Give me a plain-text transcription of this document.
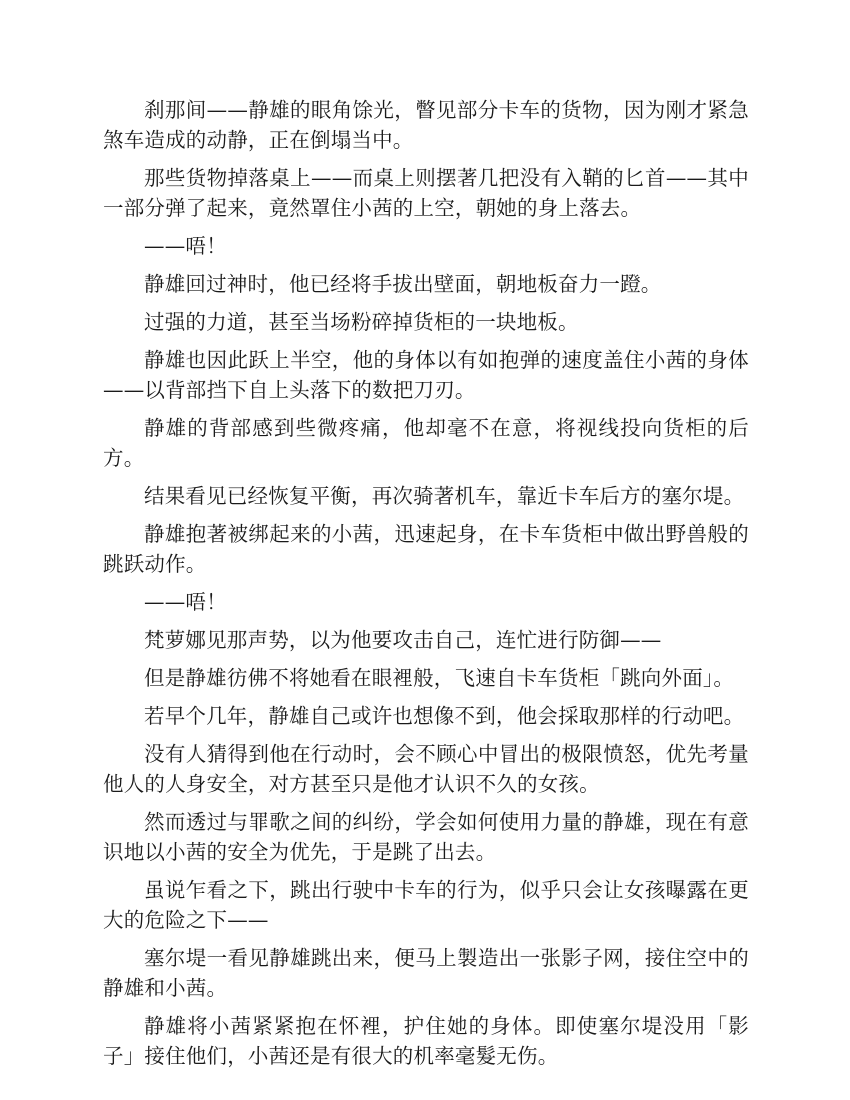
刹那间——静雄的眼角馀光，瞥见部分卡车的货物，因为刚才紧急煞车造成的动静，正在倒塌当中。

那些货物掉落桌上——而桌上则摆著几把没有入鞘的匕首——其中一部分弹了起来，竟然罩住小茜的上空，朝她的身上落去。

——唔！

静雄回过神时，他已经将手拔出壁面，朝地板奋力一蹬。

过强的力道，甚至当场粉碎掉货柜的一块地板。

静雄也因此跃上半空，他的身体以有如抱弹的速度盖住小茜的身体——以背部挡下自上头落下的数把刀刃。

静雄的背部感到些微疼痛，他却毫不在意，将视线投向货柜的后方。

结果看见已经恢复平衡，再次骑著机车，靠近卡车后方的塞尔堤。

静雄抱著被绑起来的小茜，迅速起身，在卡车货柜中做出野兽般的跳跃动作。

——唔！

梵萝娜见那声势，以为他要攻击自己，连忙进行防御——

但是静雄彷佛不将她看在眼裡般，飞速自卡车货柜「跳向外面」。

若早个几年，静雄自己或许也想像不到，他会採取那样的行动吧。

没有人猜得到他在行动时，会不顾心中冒出的极限愤怒，优先考量他人的人身安全，对方甚至只是他才认识不久的女孩。

然而透过与罪歌之间的纠纷，学会如何使用力量的静雄，现在有意识地以小茜的安全为优先，于是跳了出去。

虽说乍看之下，跳出行驶中卡车的行为，似乎只会让女孩曝露在更大的危险之下——

塞尔堤一看见静雄跳出来，便马上製造出一张影子网，接住空中的静雄和小茜。

静雄将小茜紧紧抱在怀裡，护住她的身体。即使塞尔堤没用「影子」接住他们，小茜还是有很大的机率毫髮无伤。
